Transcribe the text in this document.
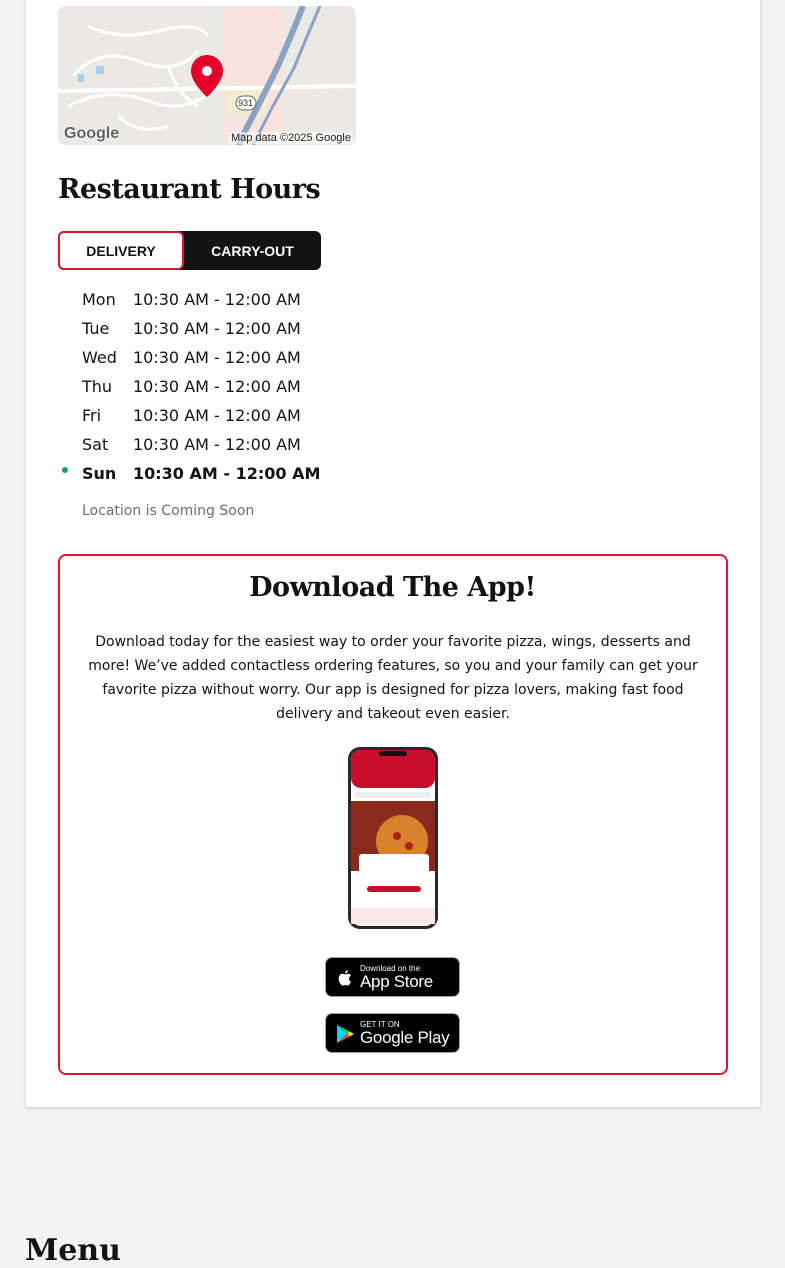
Google	Map data ©2025 Google
931
Restaurant Hours
DELIVERY	CARRY-OUT
Mon	10:30 AM - 12:00 AM
Tue	10:30 AM - 12:00 AM
Wed	10:30 AM - 12:00 AM
Thu	10:30 AM - 12:00 AM
Fri	10:30 AM - 12:00 AM
Sat	10:30 AM - 12:00 AM
Sun	10:30 AM - 12:00 AM
Location is Coming Soon
Download The App!

Download today for the easiest way to order your favorite pizza, wings, desserts and more! We’ve added contactless ordering features, so you and your family can get your favorite pizza without worry. Our app is designed for pizza lovers, making fast food delivery and takeout even easier.

Download on the
App Store
GET IT ON
Google Play
Menu
